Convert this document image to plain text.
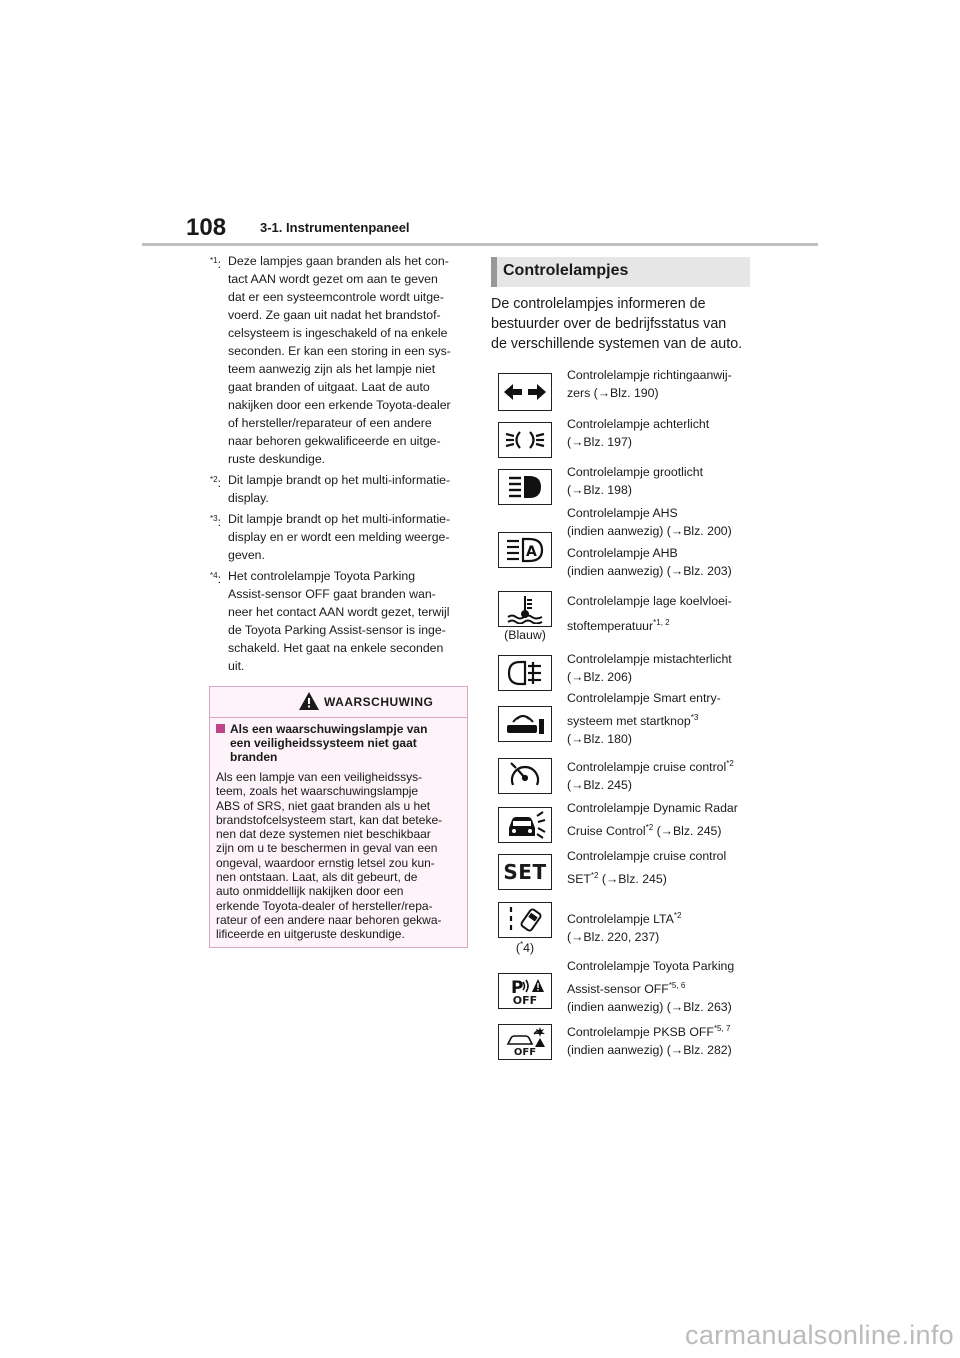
108	3-1. Instrumentenpaneel
$^{*1}$: Deze lampjes gaan branden als het con-
tact AAN wordt gezet om aan te geven
dat er een systeemcontrole wordt uitge-
voerd. Ze gaan uit nadat het brandstof-
celsysteem is ingeschakeld of na enkele
seconden. Er kan een storing in een sys-
teem aanwezig zijn als het lampje niet
gaat branden of uitgaat. Laat de auto
nakijken door een erkende Toyota-dealer
of hersteller/reparateur of een andere
naar behoren gekwalificeerde en uitge-
ruste deskundige.
$^{*2}$: Dit lampje brandt op het multi-informatie-
display.
$^{*3}$: Dit lampje brandt op het multi-informatie-
display en er wordt een melding weerge-
geven.
$^{*4}$: Het controlelampje Toyota Parking
Assist-sensor OFF gaat branden wan-
neer het contact AAN wordt gezet, terwijl
de Toyota Parking Assist-sensor is inge-
schakeld. Het gaat na enkele seconden
uit.
WAARSCHUWING
Als een waarschuwingslampje van
een veiligheidssysteem niet gaat
branden
Als een lampje van een veiligheidssys-
teem, zoals het waarschuwingslampje
ABS of SRS, niet gaat branden als u het
brandstofcelsysteem start, kan dat beteke-
nen dat deze systemen niet beschikbaar
zijn om u te beschermen in geval van een
ongeval, waardoor ernstig letsel zou kun-
nen ontstaan. Laat, als dit gebeurt, de
auto onmiddellijk nakijken door een
erkende Toyota-dealer of hersteller/repa-
rateur of een andere naar behoren gekwa-
lificeerde en uitgeruste deskundige.
Controlelampjes
De controlelampjes informeren de
bestuurder over de bedrijfsstatus van
de verschillende systemen van de auto.
Controlelampje richtingaanwij-
zers (→Blz. 190)
Controlelampje achterlicht
(→Blz. 197)
Controlelampje grootlicht
(→Blz. 198)
A
Controlelampje AHS
(indien aanwezig) (→Blz. 200)
Controlelampje AHB
(indien aanwezig) (→Blz. 203)
(Blauw)
Controlelampje lage koelvloei-
stoftemperatuur$^{*1, 2}$
Controlelampje mistachterlicht
(→Blz. 206)
Controlelampje Smart entry-
systeem met startknop$^{*3}$
(→Blz. 180)
Controlelampje cruise control$^{*2}$
(→Blz. 245)
Controlelampje Dynamic Radar
Cruise Control$^{*2}$ (→Blz. 245)
SET
Controlelampje cruise control
SET$^{*2}$ (→Blz. 245)
(*4)
Controlelampje LTA$^{*2}$
(→Blz. 220, 237)
P
OFF
Controlelampje Toyota Parking
Assist-sensor OFF$^{*5, 6}$
(indien aanwezig) (→Blz. 263)
OFF
Controlelampje PKSB OFF$^{*5, 7}$
(indien aanwezig) (→Blz. 282)
carmanualsonline.info
